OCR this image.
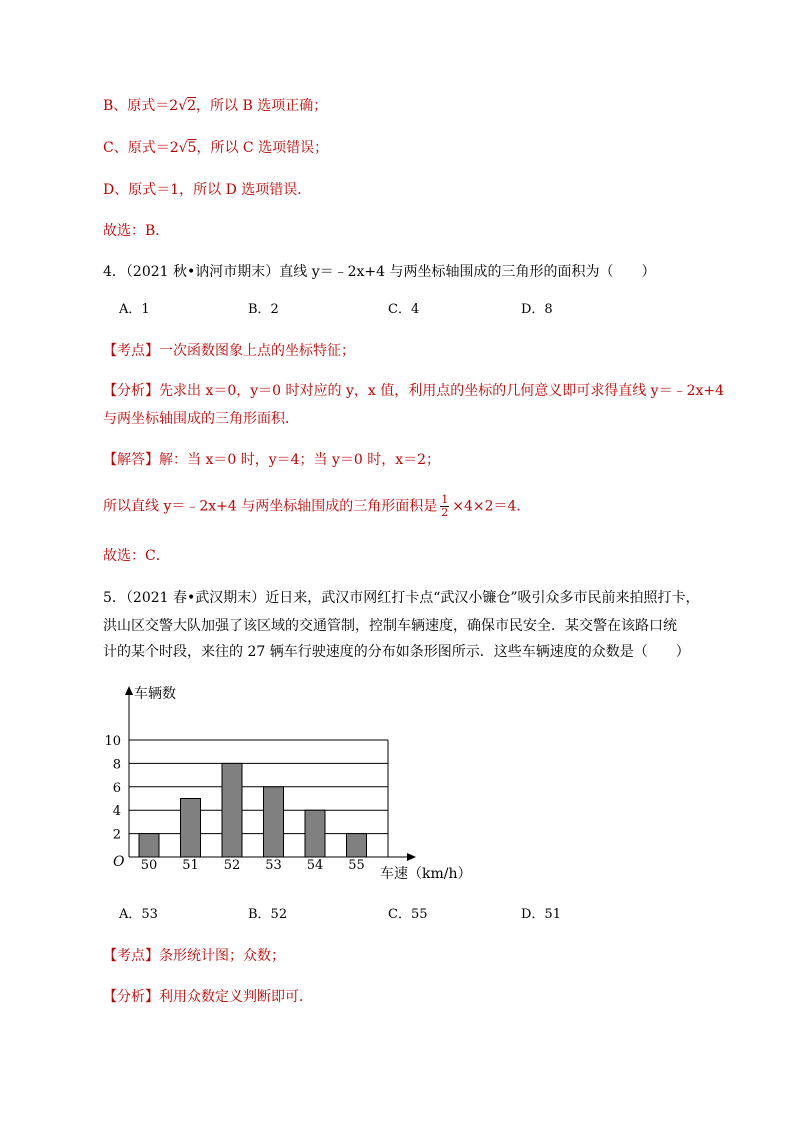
B、原式＝2√2，所以 B 选项正确；
C、原式＝2√5，所以 C 选项错误；
D、原式＝1，所以 D 选项错误．
故选：B．
4．（2021 秋•讷河市期末）直线 y＝﹣2x+4 与两坐标轴围成的三角形的面积为（　　）
A．1	B．2	C．4	D．8
【考点】一次函数图象上点的坐标特征；
【分析】先求出 x＝0，y＝0 时对应的 y，x 值，利用点的坐标的几何意义即可求得直线 y＝﹣2x+4
与两坐标轴围成的三角形面积．
【解答】解：当 x＝0 时，y＝4；当 y＝0 时，x＝2；
所以直线 y＝﹣2x+4 与两坐标轴围成的三角形面积是 $\frac{1}{2} \times 4\times 2=4$．
故选：C．
5．（2021 春•武汉期末）近日来，武汉市网红打卡点“武汉小镰仓”吸引众多市民前来拍照打卡，
洪山区交警大队加强了该区域的交通管制，控制车辆速度，确保市民安全．某交警在该路口统
计的某个时段，来往的 27 辆车行驶速度的分布如条形图所示．这些车辆速度的众数是（　　）
2
4
6
8
10
50 51 52 53 54 55
车辆数
车速（km/h）
O
A．53	B．52	C．55	D．51
【考点】条形统计图；众数；
【分析】利用众数定义判断即可．
